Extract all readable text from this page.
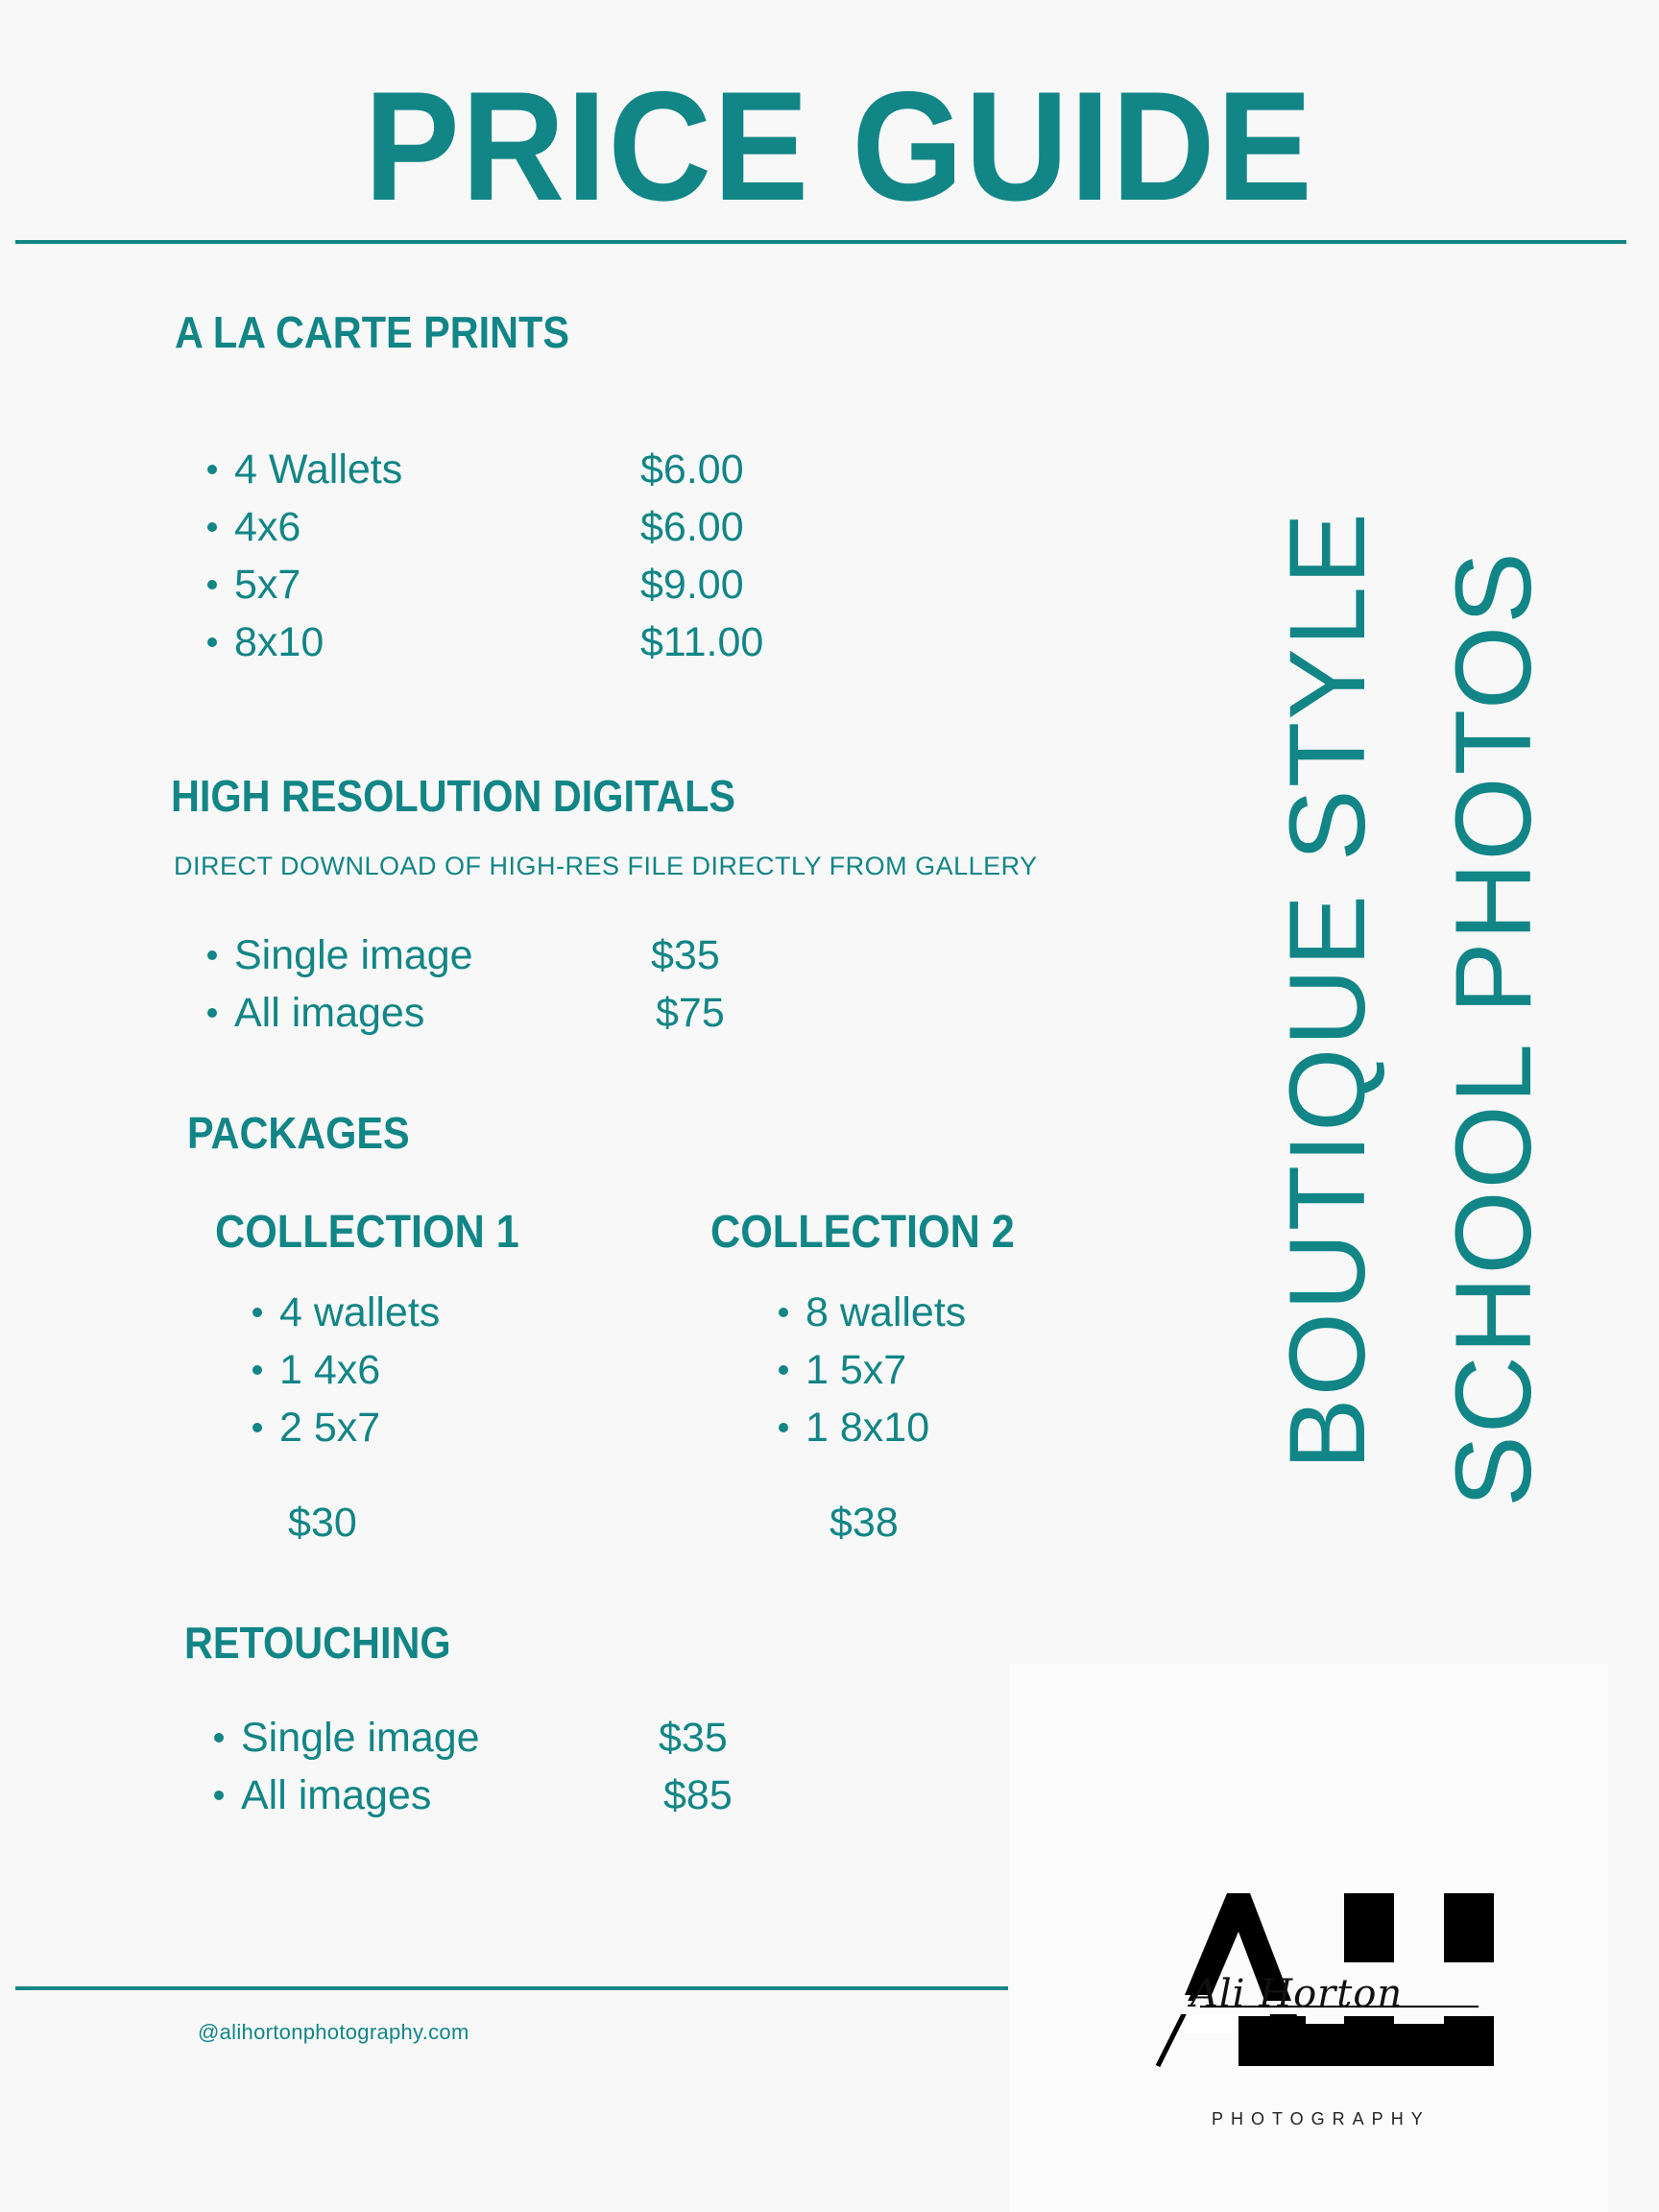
PRICE GUIDE
A LA CARTE PRINTS
4 Wallets	$6.00
4x6	$6.00
5x7	$9.00
8x10	$11.00
HIGH RESOLUTION DIGITALS
DIRECT DOWNLOAD OF HIGH-RES FILE DIRECTLY FROM GALLERY
Single image	$35
All images	$75
PACKAGES
COLLECTION 1
4 wallets
1 4x6
2 5x7
$30
COLLECTION 2
8 wallets
1 5x7
1 8x10
$38
RETOUCHING
Single image	$35
All images	$85
BOUTIQUE STYLE SCHOOL PHOTOS
@alihortonphotography.com
Ali Horton
PHOTOGRAPHY
